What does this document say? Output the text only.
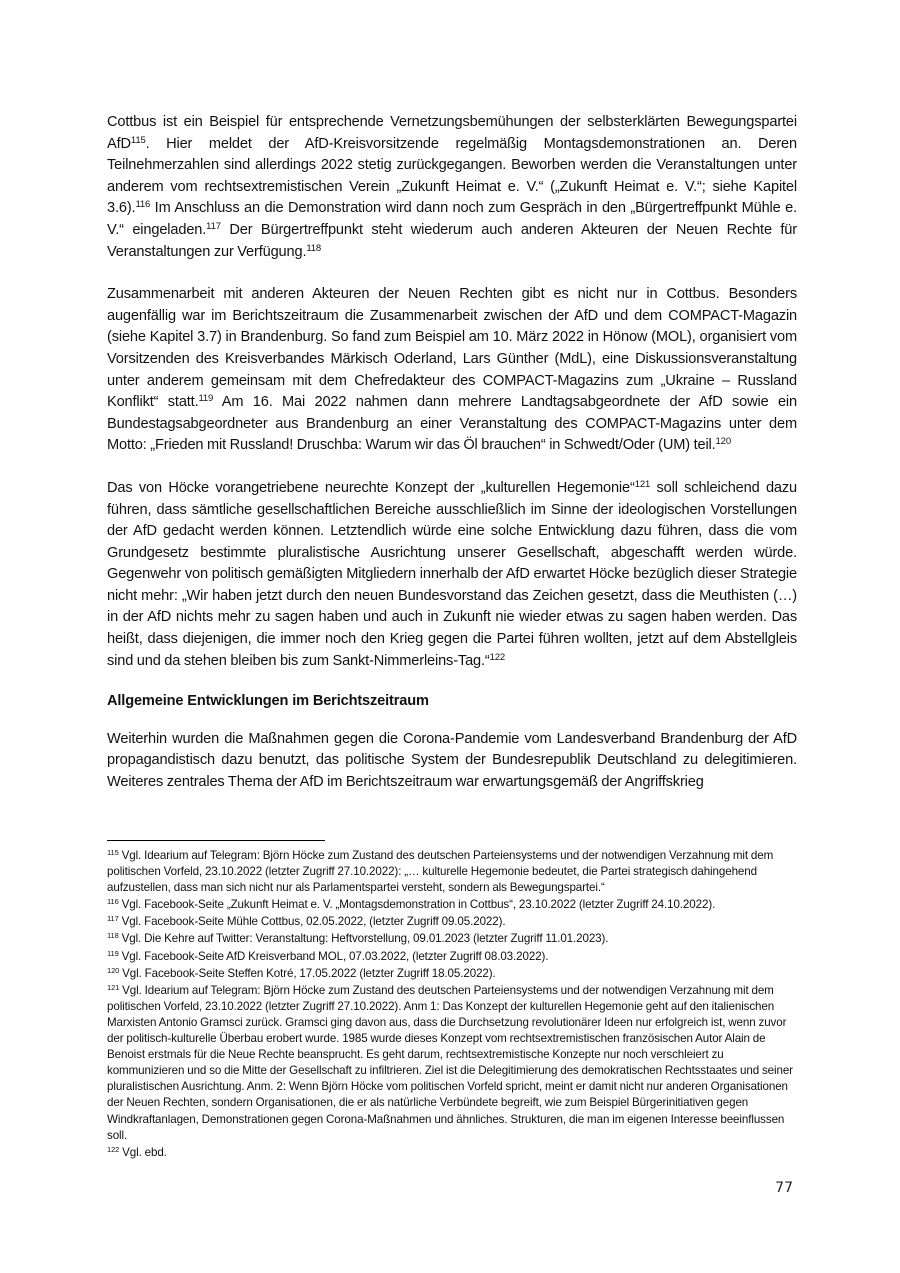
Cottbus ist ein Beispiel für entsprechende Vernetzungsbemühungen der selbsterklärten Bewegungspartei AfD$^{115}$. Hier meldet der AfD-Kreisvorsitzende regelmäßig Montagsdemonstrationen an. Deren Teilnehmerzahlen sind allerdings 2022 stetig zurückgegangen. Beworben werden die Veranstaltungen unter anderem vom rechtsextremistischen Verein „Zukunft Heimat e. V.“ („Zukunft Heimat e. V.“; siehe Kapitel 3.6).$^{116}$ Im Anschluss an die Demonstration wird dann noch zum Gespräch in den „Bürgertreffpunkt Mühle e. V.“ eingeladen.$^{117}$ Der Bürgertreffpunkt steht wiederum auch anderen Akteuren der Neuen Rechte für Veranstaltungen zur Verfügung.$^{118}$

Zusammenarbeit mit anderen Akteuren der Neuen Rechten gibt es nicht nur in Cottbus. Besonders augenfällig war im Berichtszeitraum die Zusammenarbeit zwischen der AfD und dem COMPACT-Magazin (siehe Kapitel 3.7) in Brandenburg. So fand zum Beispiel am 10. März 2022 in Hönow (MOL), organisiert vom Vorsitzenden des Kreisverbandes Märkisch Oderland, Lars Günther (MdL), eine Diskussionsveranstaltung unter anderem gemeinsam mit dem Chefredakteur des COMPACT-Magazins zum „Ukraine – Russland Konflikt“ statt.$^{119}$ Am 16. Mai 2022 nahmen dann mehrere Landtagsabgeordnete der AfD sowie ein Bundestagsabgeordneter aus Brandenburg an einer Veranstaltung des COMPACT-Magazins unter dem Motto: „Frieden mit Russland! Druschba: Warum wir das Öl brauchen“ in Schwedt/Oder (UM) teil.$^{120}$

Das von Höcke vorangetriebene neurechte Konzept der „kulturellen Hegemonie“$^{121}$ soll schleichend dazu führen, dass sämtliche gesellschaftlichen Bereiche ausschließlich im Sinne der ideologischen Vorstellungen der AfD gedacht werden können. Letztendlich würde eine solche Entwicklung dazu führen, dass die vom Grundgesetz bestimmte pluralistische Ausrichtung unserer Gesellschaft, abgeschafft werden würde. Gegenwehr von politisch gemäßigten Mitgliedern innerhalb der AfD erwartet Höcke bezüglich dieser Strategie nicht mehr: „Wir haben jetzt durch den neuen Bundesvorstand das Zeichen gesetzt, dass die Meuthisten (…) in der AfD nichts mehr zu sagen haben und auch in Zukunft nie wieder etwas zu sagen haben werden. Das heißt, dass diejenigen, die immer noch den Krieg gegen die Partei führen wollten, jetzt auf dem Abstellgleis sind und da stehen bleiben bis zum Sankt-Nimmerleins-Tag.“$^{122}$

Allgemeine Entwicklungen im Berichtszeitraum

Weiterhin wurden die Maßnahmen gegen die Corona-Pandemie vom Landesverband Brandenburg der AfD propagandistisch dazu benutzt, das politische System der Bundesrepublik Deutschland zu delegitimieren. Weiteres zentrales Thema der AfD im Berichtszeitraum war erwartungsgemäß der Angriffskrieg

$^{115}$ Vgl. Idearium auf Telegram: Björn Höcke zum Zustand des deutschen Parteiensystems und der notwendigen Verzahnung mit dem politischen Vorfeld, 23.10.2022 (letzter Zugriff 27.10.2022): „… kulturelle Hegemonie bedeutet, die Partei strategisch dahingehend aufzustellen, dass man sich nicht nur als Parlamentspartei versteht, sondern als Bewegungspartei.“

$^{116}$ Vgl. Facebook-Seite „Zukunft Heimat e. V. „Montagsdemonstration in Cottbus“, 23.10.2022 (letzter Zugriff 24.10.2022).

$^{117}$ Vgl. Facebook-Seite Mühle Cottbus, 02.05.2022, (letzter Zugriff 09.05.2022).

$^{118}$ Vgl. Die Kehre auf Twitter: Veranstaltung: Heftvorstellung, 09.01.2023 (letzter Zugriff 11.01.2023).

$^{119}$ Vgl. Facebook-Seite AfD Kreisverband MOL, 07.03.2022, (letzter Zugriff 08.03.2022).

$^{120}$ Vgl. Facebook-Seite Steffen Kotré, 17.05.2022 (letzter Zugriff 18.05.2022).

$^{121}$ Vgl. Idearium auf Telegram: Björn Höcke zum Zustand des deutschen Parteiensystems und der notwendigen Verzahnung mit dem politischen Vorfeld, 23.10.2022 (letzter Zugriff 27.10.2022). Anm 1: Das Konzept der kulturellen Hegemonie geht auf den italienischen Marxisten Antonio Gramsci zurück. Gramsci ging davon aus, dass die Durchsetzung revolutionärer Ideen nur erfolgreich ist, wenn zuvor der politisch-kulturelle Überbau erobert wurde. 1985 wurde dieses Konzept vom rechtsextremistischen französischen Autor Alain de Benoist erstmals für die Neue Rechte beansprucht. Es geht darum, rechtsextremistische Konzepte nur noch verschleiert zu kommunizieren und so die Mitte der Gesellschaft zu infiltrieren. Ziel ist die Delegitimierung des demokratischen Rechtsstaates und seiner pluralistischen Ausrichtung. Anm. 2: Wenn Björn Höcke vom politischen Vorfeld spricht, meint er damit nicht nur anderen Organisationen der Neuen Rechten, sondern Organisationen, die er als natürliche Verbündete begreift, wie zum Beispiel Bürgerinitiativen gegen Windkraftanlagen, Demonstrationen gegen Corona-Maßnahmen und ähnliches. Strukturen, die man im eigenen Interesse beeinflussen soll.

$^{122}$ Vgl. ebd.

77
